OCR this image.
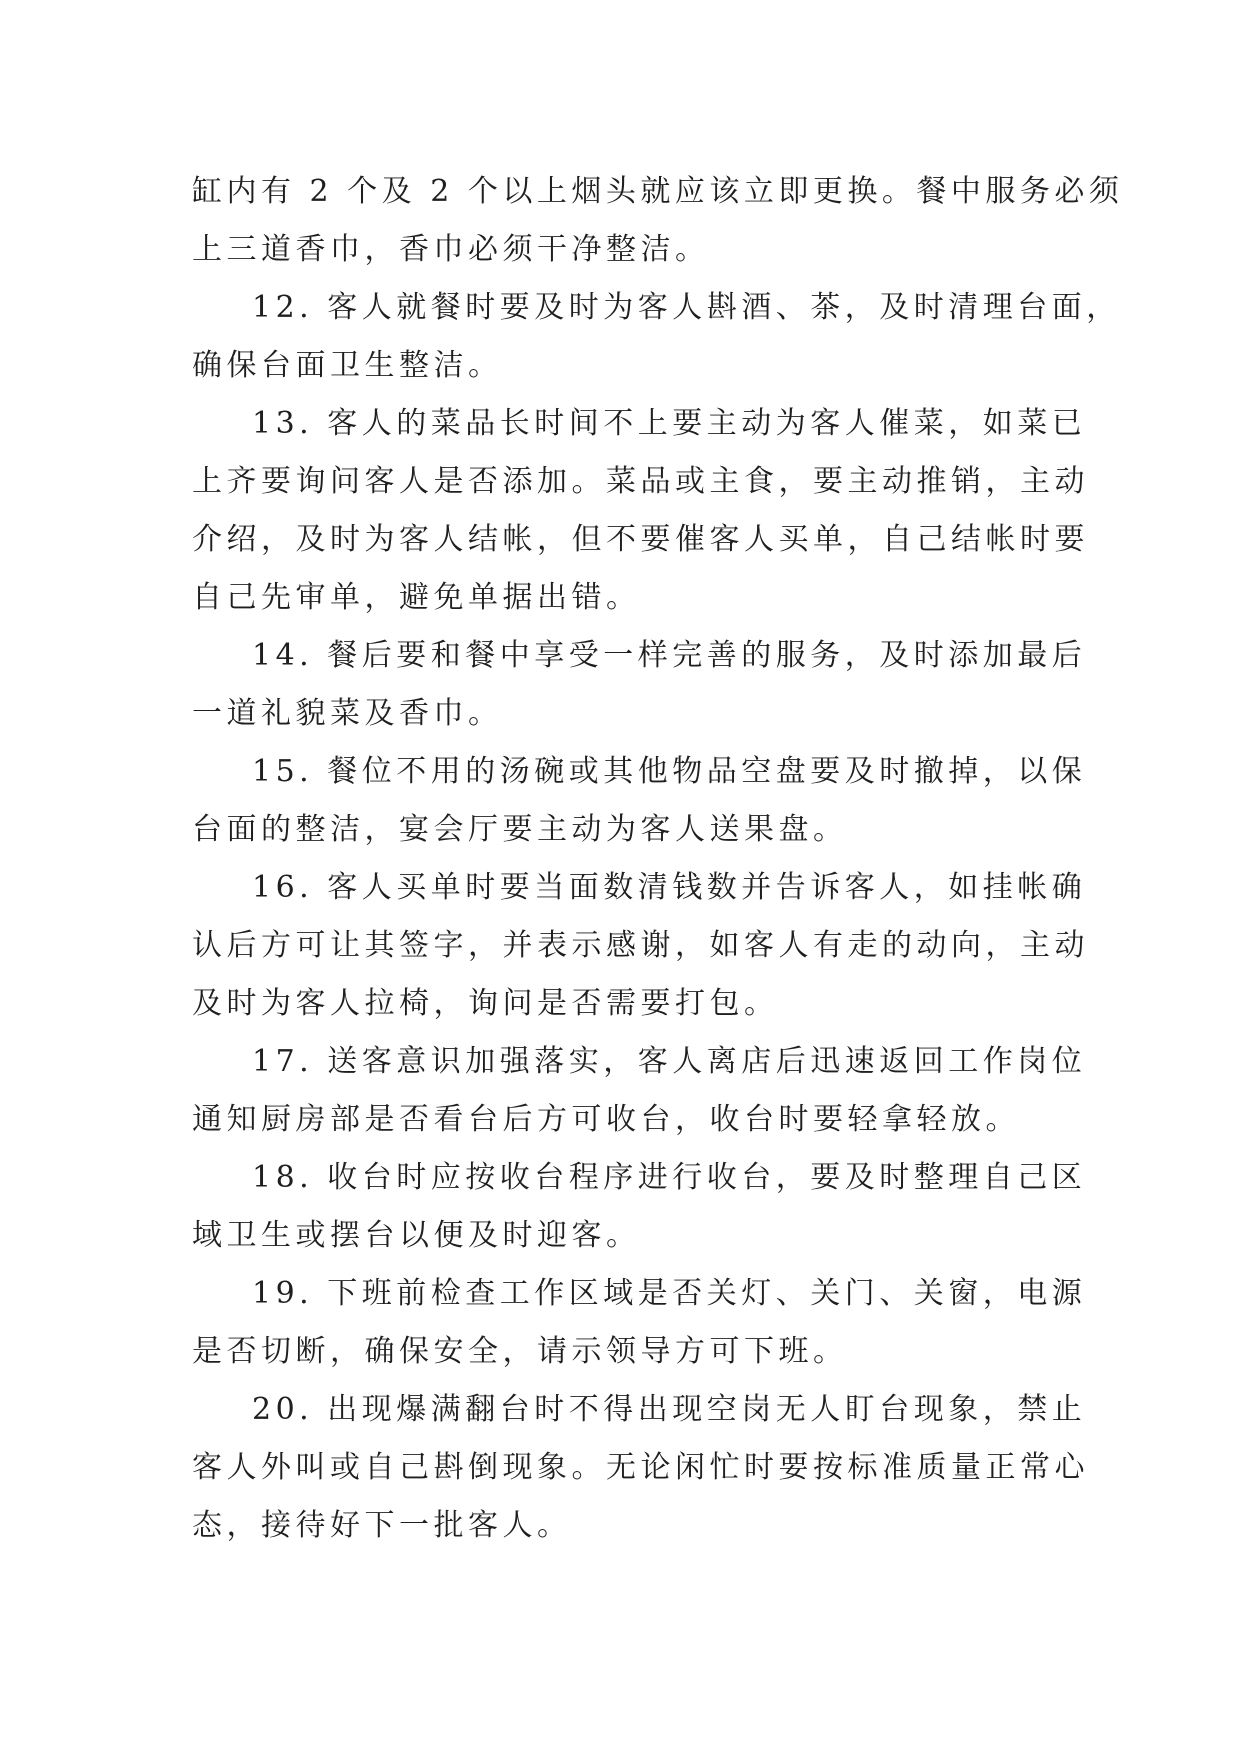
缸内有 2 个及 2 个以上烟头就应该立即更换。餐中服务必须
上三道香巾，香巾必须干净整洁。

12. 客人就餐时要及时为客人斟酒、茶，及时清理台面，
确保台面卫生整洁。

13. 客人的菜品长时间不上要主动为客人催菜，如菜已
上齐要询问客人是否添加。菜品或主食，要主动推销，主动
介绍，及时为客人结帐，但不要催客人买单，自己结帐时要
自己先审单，避免单据出错。

14. 餐后要和餐中享受一样完善的服务，及时添加最后
一道礼貌菜及香巾。

15. 餐位不用的汤碗或其他物品空盘要及时撤掉，以保
台面的整洁，宴会厅要主动为客人送果盘。

16. 客人买单时要当面数清钱数并告诉客人，如挂帐确
认后方可让其签字，并表示感谢，如客人有走的动向，主动
及时为客人拉椅，询问是否需要打包。

17. 送客意识加强落实，客人离店后迅速返回工作岗位
通知厨房部是否看台后方可收台，收台时要轻拿轻放。

18. 收台时应按收台程序进行收台，要及时整理自己区
域卫生或摆台以便及时迎客。

19. 下班前检查工作区域是否关灯、关门、关窗，电源
是否切断，确保安全，请示领导方可下班。

20. 出现爆满翻台时不得出现空岗无人盯台现象，禁止
客人外叫或自己斟倒现象。无论闲忙时要按标准质量正常心
态，接待好下一批客人。
